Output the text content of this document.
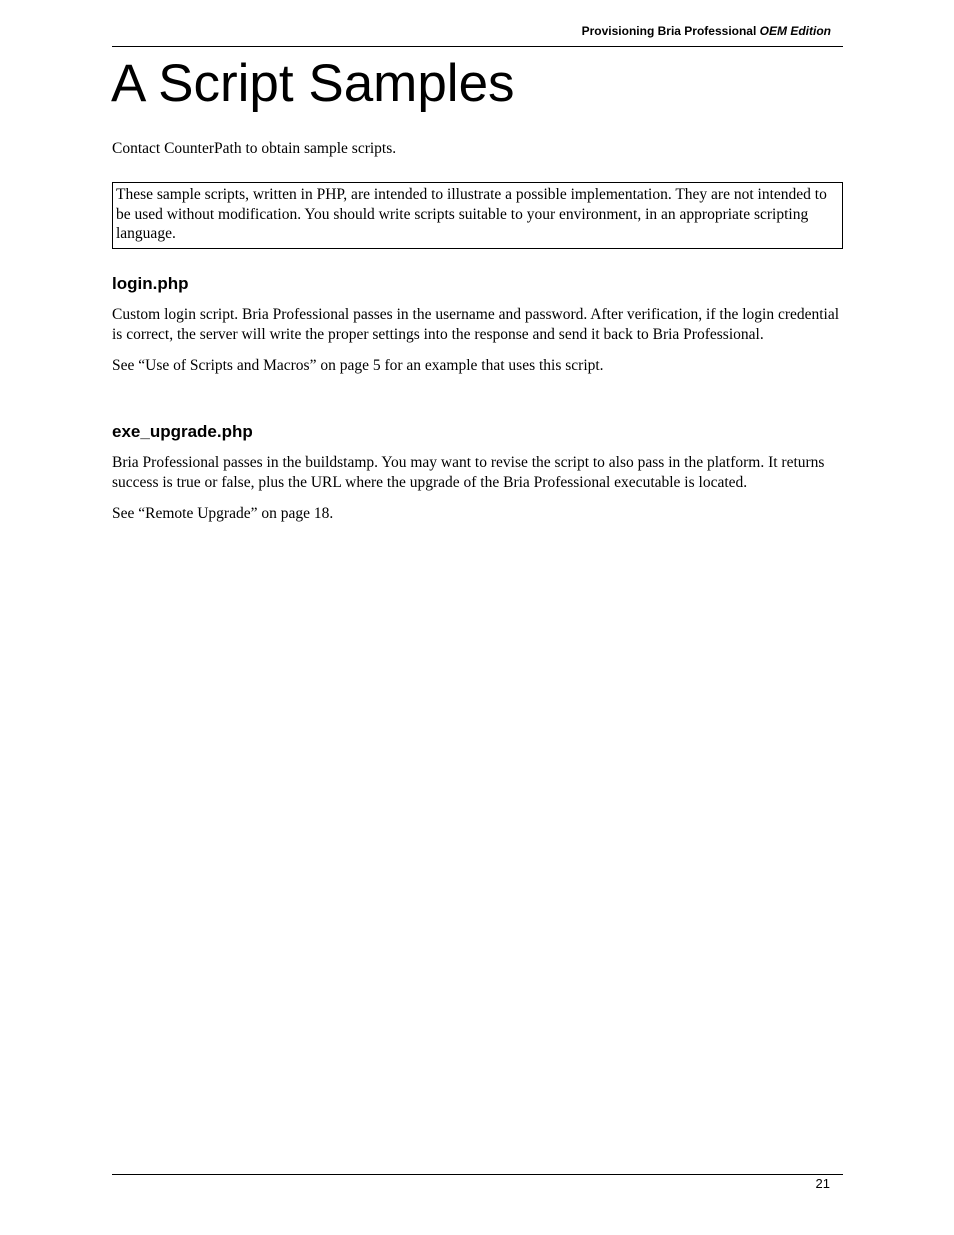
Provisioning Bria Professional OEM Edition
A Script Samples

Contact CounterPath to obtain sample scripts.

These sample scripts, written in PHP, are intended to illustrate a possible implementation. They are not intended to be used without modification. You should write scripts suitable to your environment, in an appropriate scripting language.

login.php

Custom login script. Bria Professional passes in the username and password. After verification, if the login credential is correct, the server will write the proper settings into the response and send it back to Bria Professional.

See “Use of Scripts and Macros” on page 5 for an example that uses this script.

exe_upgrade.php

Bria Professional passes in the buildstamp. You may want to revise the script to also pass in the platform. It returns success is true or false, plus the URL where the upgrade of the Bria Professional executable is located.

See “Remote Upgrade” on page 18.

21
